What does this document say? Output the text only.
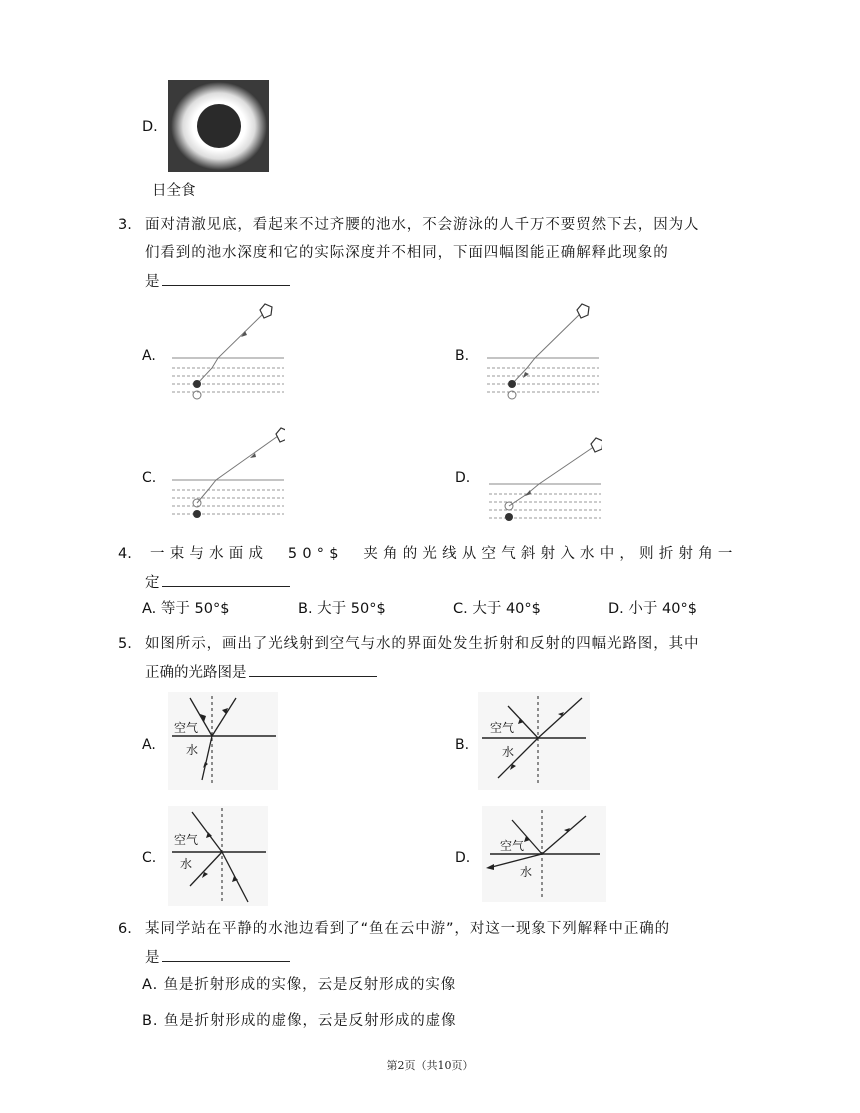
D.
日全食
3. 面对清澈见底，看起来不过齐腰的池水，不会游泳的人千万不要贸然下去，因为人
们看到的池水深度和它的实际深度并不相同，下面四幅图能正确解释此现象的
是
A.	B.
C.	D.
4. 一束与水面成　50°$　夹角的光线从空气斜射入水中，则折射角一
定
A. 等于 50°$	B. 大于 50°$	C. 大于 40°$	D. 小于 40°$
5. 如图所示，画出了光线射到空气与水的界面处发生折射和反射的四幅光路图，其中
正确的光路图是
A.
空气
水	B.
空气
水
C.
空气
水	D.
空气
水
6. 某同学站在平静的水池边看到了“鱼在云中游”，对这一现象下列解释中正确的
是
A. 鱼是折射形成的实像，云是反射形成的实像
B. 鱼是折射形成的虚像，云是反射形成的虚像
第2页（共10页）
